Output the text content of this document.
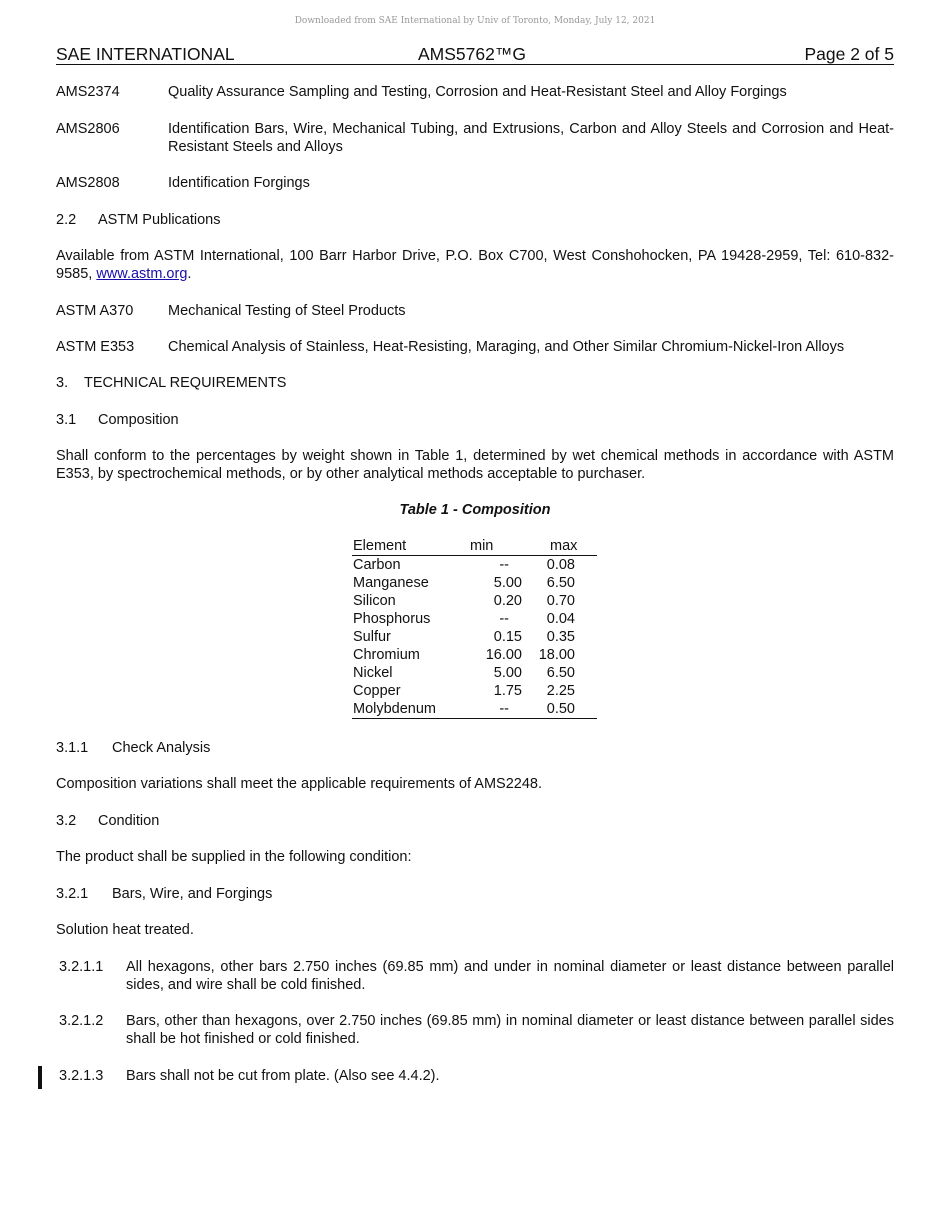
Downloaded from SAE International by Univ of Toronto, Monday, July 12, 2021
SAE INTERNATIONAL	AMS5762™G	Page 2 of 5
AMS2374	Quality Assurance Sampling and Testing, Corrosion and Heat-Resistant Steel and Alloy Forgings
AMS2806	Identification Bars, Wire, Mechanical Tubing, and Extrusions, Carbon and Alloy Steels and Corrosion and Heat-Resistant Steels and Alloys
AMS2808	Identification Forgings
2.2 ASTM Publications
Available from ASTM International, 100 Barr Harbor Drive, P.O. Box C700, West Conshohocken, PA 19428-2959, Tel: 610-832-9585, www.astm.org.
ASTM A370 Mechanical Testing of Steel Products
ASTM E353 Chemical Analysis of Stainless, Heat-Resisting, Maraging, and Other Similar Chromium-Nickel-Iron Alloys
3. TECHNICAL REQUIREMENTS
3.1 Composition
Shall conform to the percentages by weight shown in Table 1, determined by wet chemical methods in accordance with ASTM E353, by spectrochemical methods, or by other analytical methods acceptable to purchaser.
Table 1 - Composition
Element	min	max
Carbon	--	0.08
Manganese	5.00	6.50
Silicon	0.20	0.70
Phosphorus	--	0.04
Sulfur	0.15	0.35
Chromium	16.00	18.00
Nickel	5.00	6.50
Copper	1.75	2.25
Molybdenum	--	0.50
3.1.1 Check Analysis
Composition variations shall meet the applicable requirements of AMS2248.
3.2 Condition
The product shall be supplied in the following condition:
3.2.1 Bars, Wire, and Forgings
Solution heat treated.
3.2.1.1 All hexagons, other bars 2.750 inches (69.85 mm) and under in nominal diameter or least distance between parallel sides, and wire shall be cold finished.
3.2.1.2 Bars, other than hexagons, over 2.750 inches (69.85 mm) in nominal diameter or least distance between parallel sides shall be hot finished or cold finished.
3.2.1.3 Bars shall not be cut from plate. (Also see 4.4.2).
